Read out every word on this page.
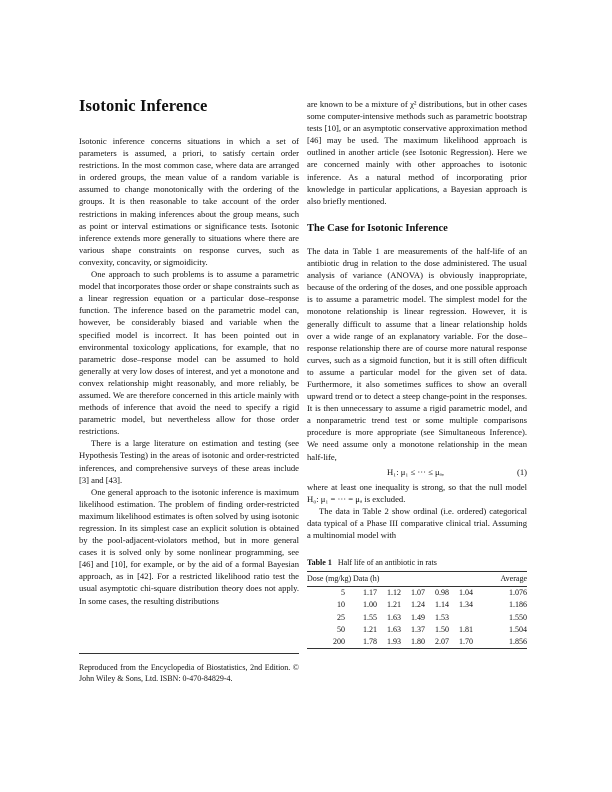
Isotonic Inference

Isotonic inference concerns situations in which a set of parameters is assumed, a priori, to satisfy certain order restrictions. In the most common case, where data are arranged in ordered groups, the mean value of a random variable is assumed to change monotonically with the ordering of the groups. It is then reasonable to take account of the order restrictions in making inferences about the group means, such as point or interval estimations or significance tests. Isotonic inference extends more generally to situations where there are various shape constraints on response curves, such as convexity, concavity, or sigmoidicity.

One approach to such problems is to assume a parametric model that incorporates those order or shape constraints such as a linear regression equation or a particular dose–response function. The inference based on the parametric model can, however, be considerably biased and variable when the specified model is incorrect. It has been pointed out in environmental toxicology applications, for example, that no parametric dose–response model can be assumed to hold generally at very low doses of interest, and yet a monotone and convex relationship might reasonably, and more reliably, be assumed. We are therefore concerned in this article mainly with methods of inference that avoid the need to specify a rigid parametric model, but nevertheless allow for those order restrictions.

There is a large literature on estimation and testing (see Hypothesis Testing) in the areas of isotonic and order-restricted inferences, and comprehensive surveys of these areas include [3] and [43].

One general approach to the isotonic inference is maximum likelihood estimation. The problem of finding order-restricted maximum likelihood estimates is often solved by using isotonic regression. In its simplest case an explicit solution is obtained by the pool-adjacent-violators method, but in more general cases it is solved only by some nonlinear programming, see [46] and [10], for example, or by the aid of a formal Bayesian approach, as in [42]. For a restricted likelihood ratio test the usual asymptotic chi-square distribution theory does not apply. In some cases, the resulting distributions

Reproduced from the Encyclopedia of Biostatistics, 2nd Edition. © John Wiley & Sons, Ltd. ISBN: 0-470-84829-4.

are known to be a mixture of χ² distributions, but in other cases some computer-intensive methods such as parametric bootstrap tests [10], or an asymptotic conservative approximation method [46] may be used. The maximum likelihood approach is outlined in another article (see Isotonic Regression). Here we are concerned mainly with other approaches to isotonic inference. As a natural method of incorporating prior knowledge in particular applications, a Bayesian approach is also briefly mentioned.

The Case for Isotonic Inference

The data in Table 1 are measurements of the half-life of an antibiotic drug in relation to the dose administered. The usual analysis of variance (ANOVA) is obviously inappropriate, because of the ordering of the doses, and one possible approach is to assume a parametric model. The simplest model for the monotone relationship is linear regression. However, it is generally difficult to assume that a linear relationship holds over a wide range of an explanatory variable. For the dose–response relationship there are of course more natural response curves, such as a sigmoid function, but it is still often difficult to assume a particular model for the given set of data. Furthermore, it also sometimes suffices to show an overall upward trend or to detect a steep change-point in the responses. It is then unnecessary to assume a rigid parametric model, and a nonparametric trend test or some multiple comparisons procedure is more appropriate (see Simultaneous Inference). We need assume only a monotone relationship in the mean half-life,

H₁: μ₁ ≤ ··· ≤ μₐ,	(1)

where at least one inequality is strong, so that the null model H₀: μ₁ = ··· = μₐ is excluded.

The data in Table 2 show ordinal (i.e. ordered) categorical data typical of a Phase III comparative clinical trial. Assuming a multinomial model with

Table 1 Half life of an antibiotic in rats
Dose (mg/kg)	Data (h)					Average
5	1.17	1.12	1.07	0.98	1.04	1.076
10	1.00	1.21	1.24	1.14	1.34	1.186
25	1.55	1.63	1.49	1.53		1.550
50	1.21	1.63	1.37	1.50	1.81	1.504
200	1.78	1.93	1.80	2.07	1.70	1.856
